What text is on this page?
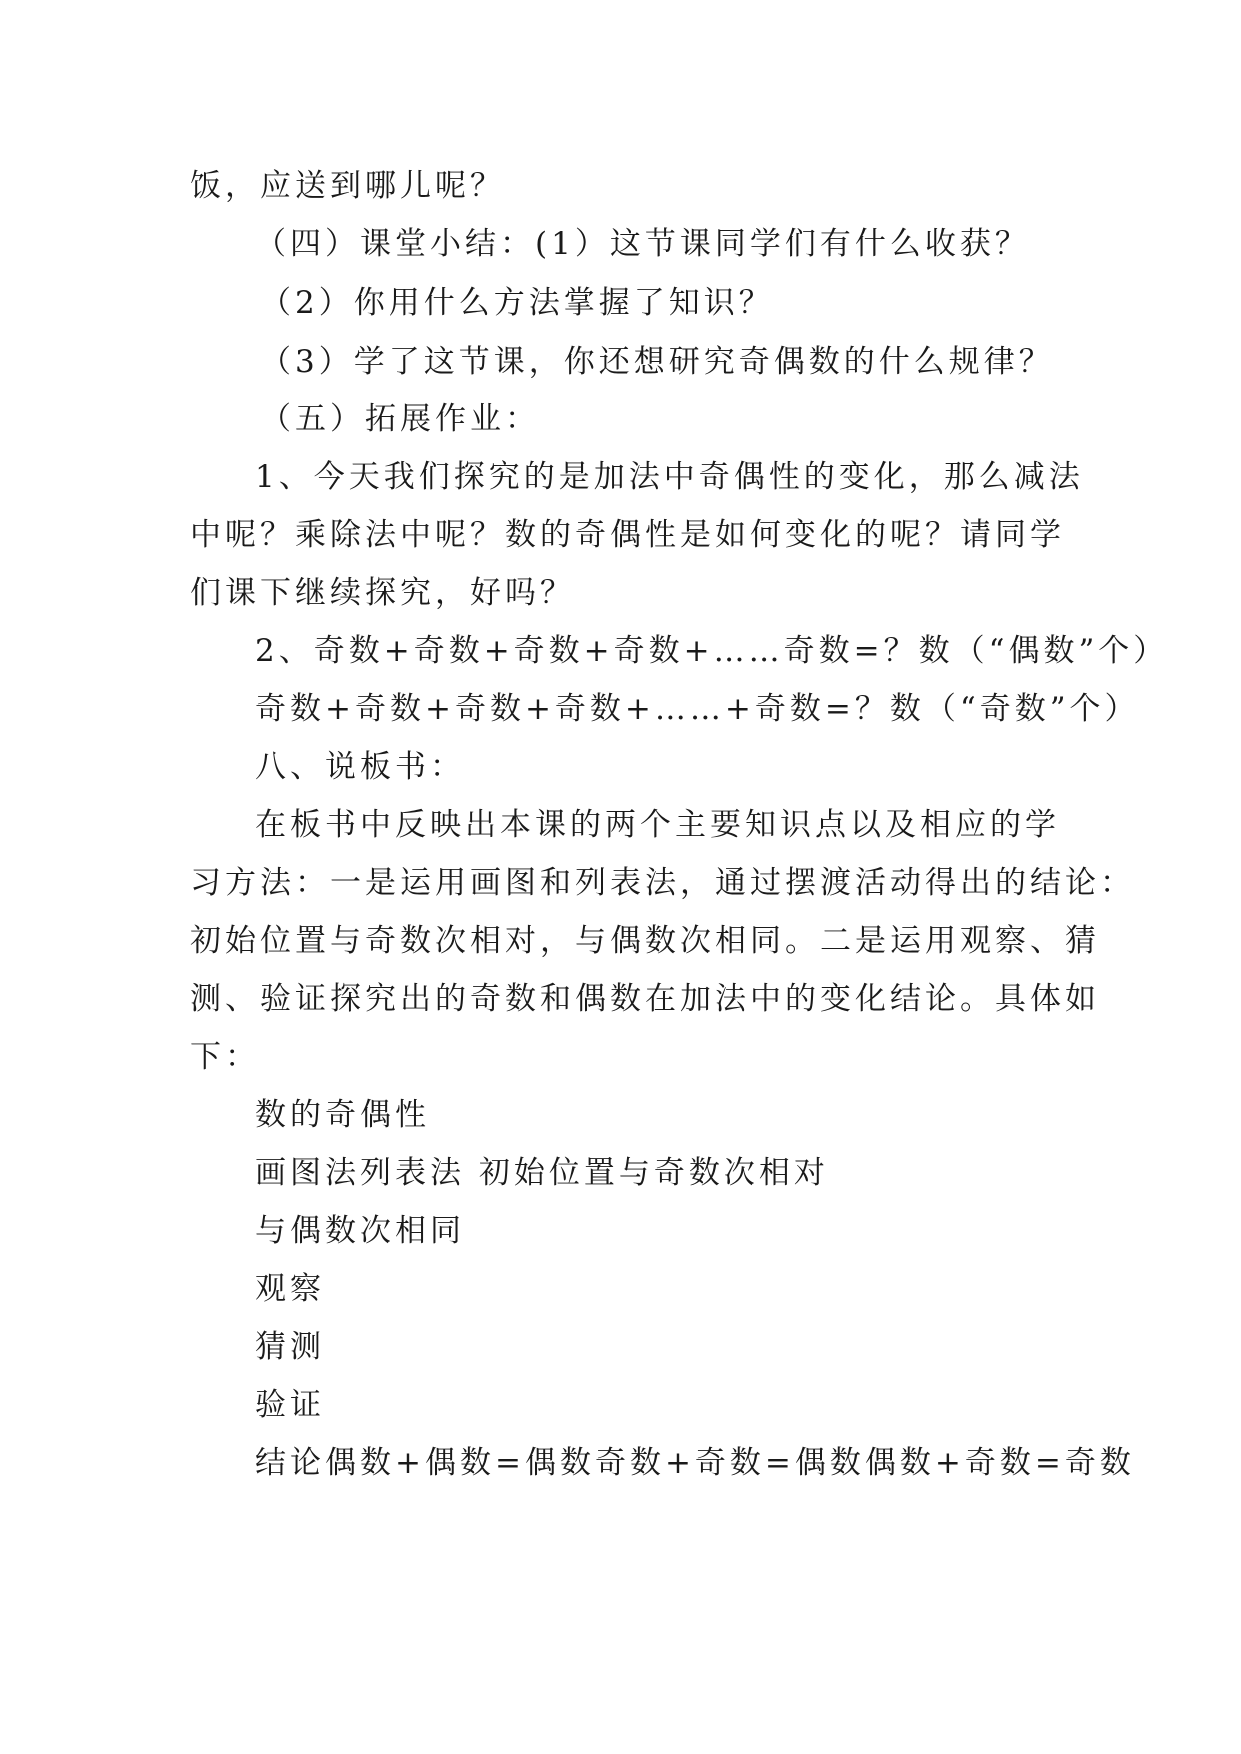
饭，应送到哪儿呢？
（四）课堂小结：(1）这节课同学们有什么收获？
（2）你用什么方法掌握了知识？
（3）学了这节课，你还想研究奇偶数的什么规律？
（五）拓展作业：
1、今天我们探究的是加法中奇偶性的变化，那么减法
中呢？乘除法中呢？数的奇偶性是如何变化的呢？请同学
们课下继续探究，好吗？
2、奇数+奇数+奇数+奇数+……奇数=？数（“偶数”个）
奇数+奇数+奇数+奇数+……+奇数=？数（“奇数”个）
八、说板书：
在板书中反映出本课的两个主要知识点以及相应的学
习方法：一是运用画图和列表法，通过摆渡活动得出的结论：
初始位置与奇数次相对，与偶数次相同。二是运用观察、猜
测、验证探究出的奇数和偶数在加法中的变化结论。具体如
下：
数的奇偶性
画图法列表法 初始位置与奇数次相对
与偶数次相同
观察
猜测
验证
结论偶数+偶数=偶数奇数+奇数=偶数偶数+奇数=奇数
